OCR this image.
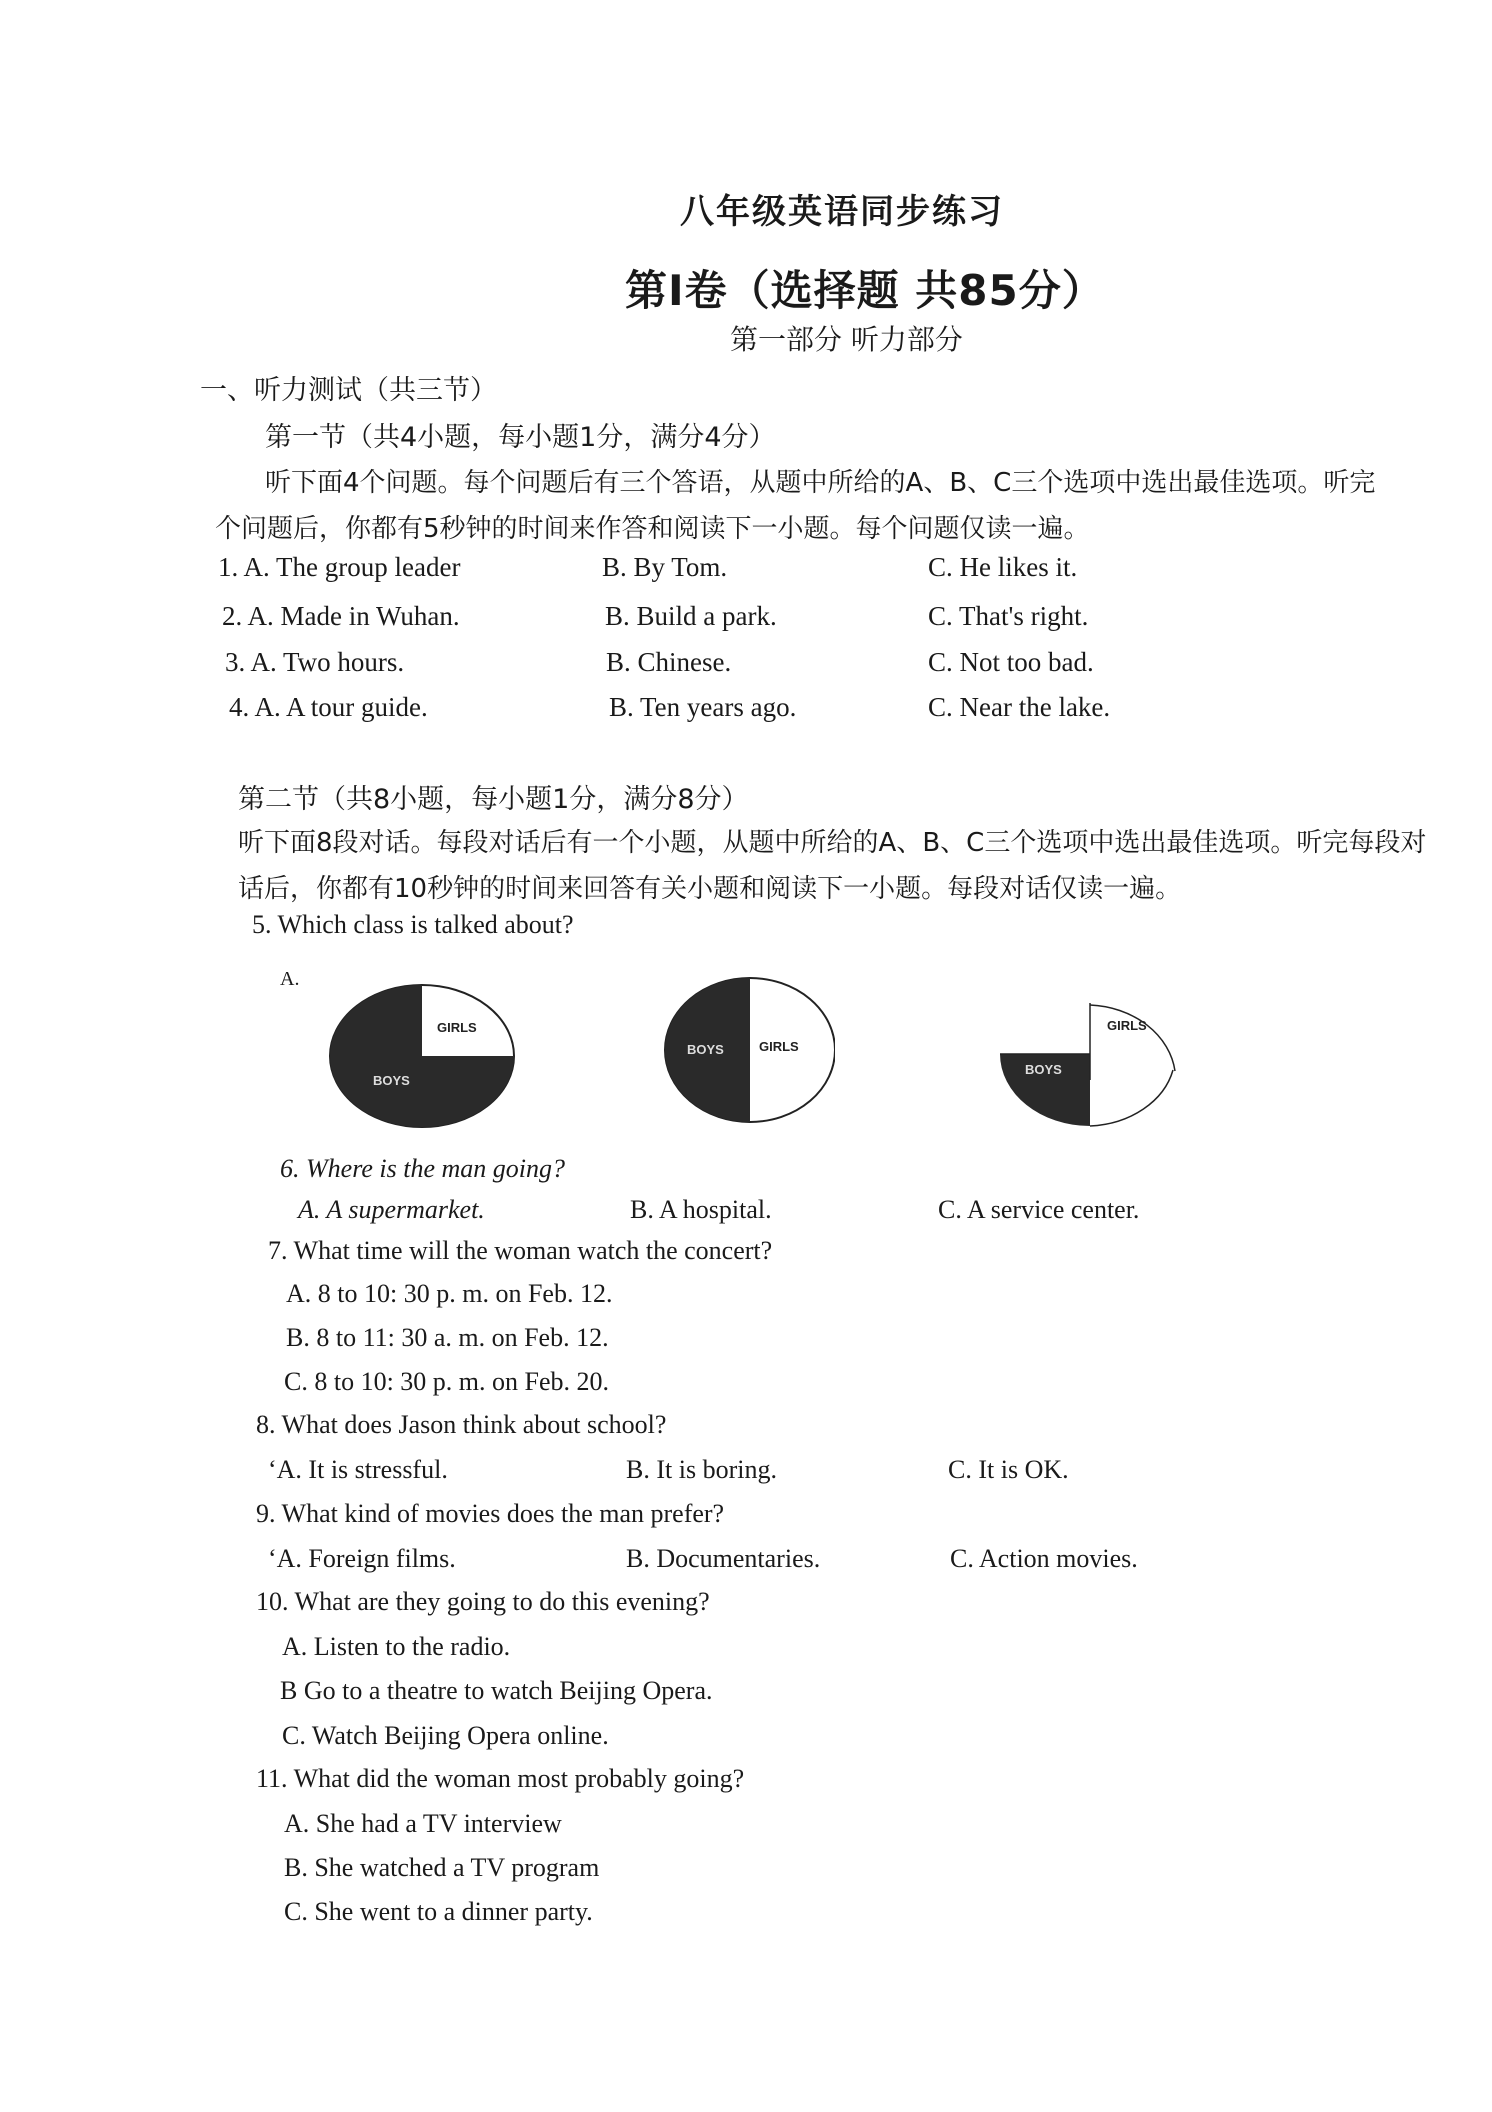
八年级英语同步练习
第Ⅰ卷（选择题 共85分）
第一部分 听力部分
一、听力测试（共三节）
第一节（共4小题，每小题1分，满分4分）
听下面4个问题。每个问题后有三个答语，从题中所给的A、B、C三个选项中选出最佳选项。听完
个问题后，你都有5秒钟的时间来作答和阅读下一小题。每个问题仅读一遍。
1. A. The group leader	B. By Tom.	C. He likes it.
2. A. Made in Wuhan.	B. Build a park.	C. That's right.
3. A. Two hours.	B. Chinese.	C. Not too bad.
4. A. A tour guide.	B. Ten years ago.	C. Near the lake.
第二节（共8小题，每小题1分，满分8分）
听下面8段对话。每段对话后有一个小题，从题中所给的A、B、C三个选项中选出最佳选项。听完每段对
话后，你都有10秒钟的时间来回答有关小题和阅读下一小题。每段对话仅读一遍。
5. Which class is talked about?
A.
GIRLS
BOYS
BOYS	GIRLS
GIRLS
BOYS
6. Where is the man going?
A. A supermarket.	B. A hospital.	C. A service center.
7. What time will the woman watch the concert?
A. 8 to 10: 30 p. m. on Feb. 12.
B. 8 to 11: 30 a. m. on Feb. 12.
C. 8 to 10: 30 p. m. on Feb. 20.
8. What does Jason think about school?
ʻA. It is stressful.	B. It is boring.	C. It is OK.
9. What kind of movies does the man prefer?
ʻA. Foreign films.	B. Documentaries.	C. Action movies.
10. What are they going to do this evening?
A. Listen to the radio.
B Go to a theatre to watch Beijing Opera.
C. Watch Beijing Opera online.
11. What did the woman most probably going?
A. She had a TV interview
B. She watched a TV program
C. She went to a dinner party.
